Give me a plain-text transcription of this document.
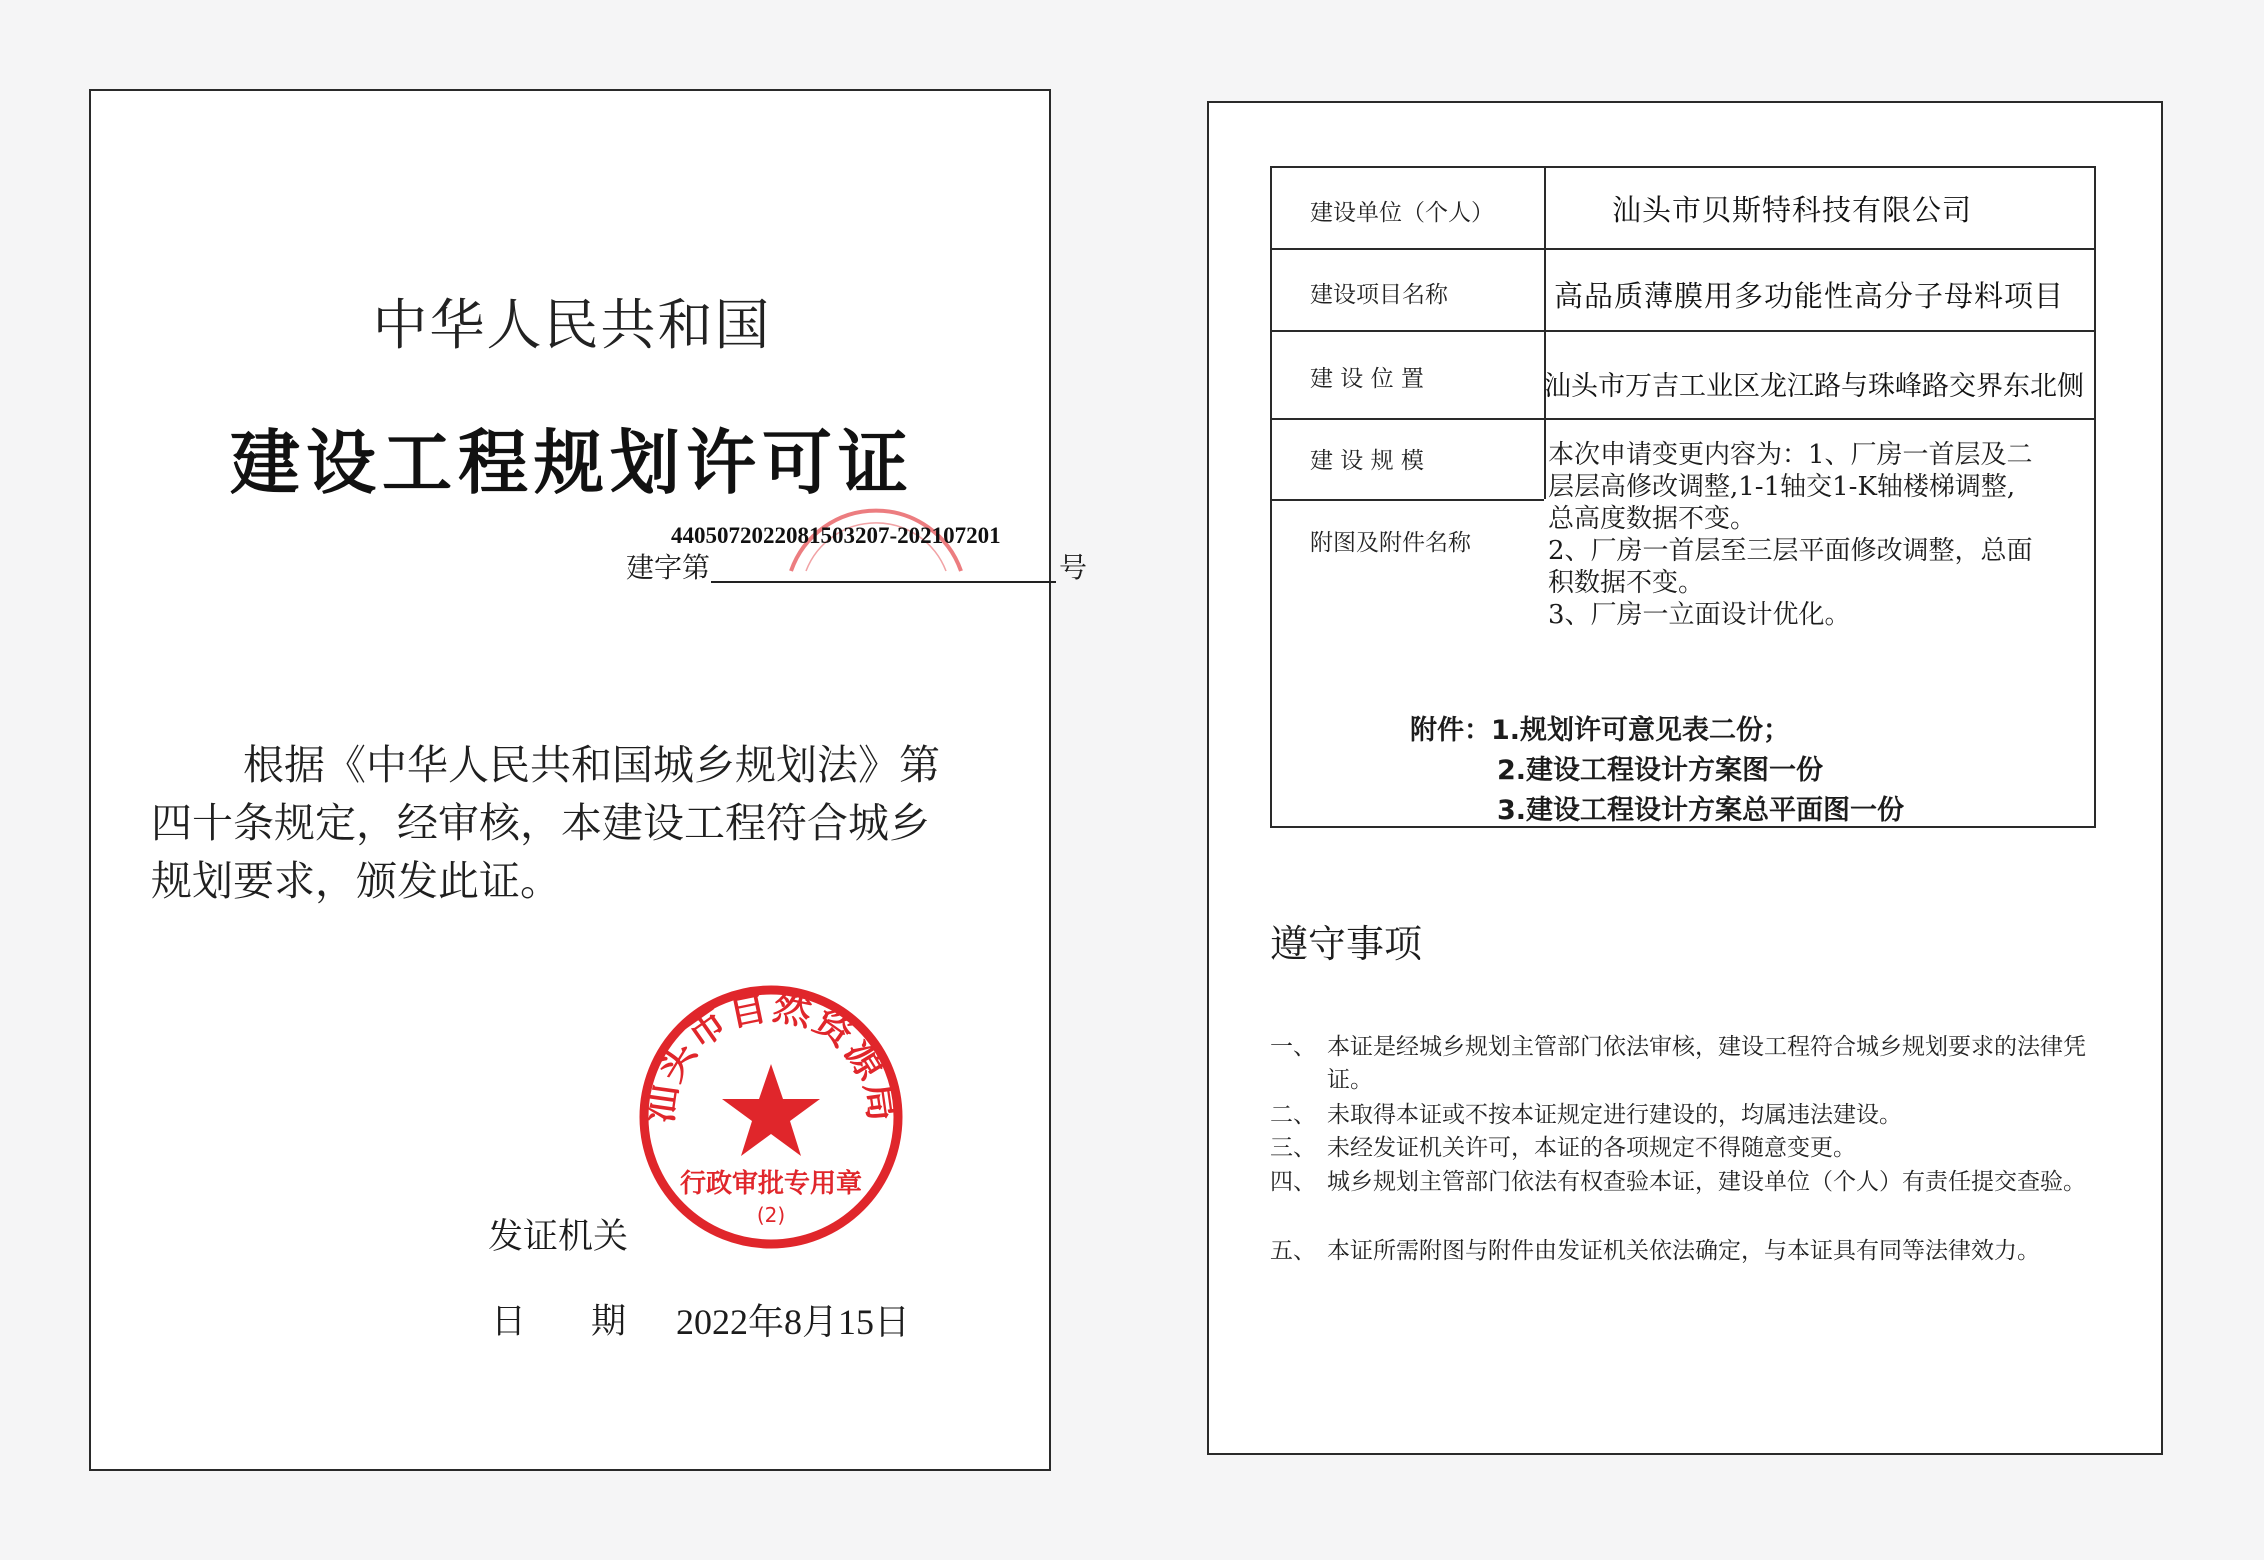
中华人民共和国
建设工程规划许可证
440507202208150320​7-202107201
建字第	号
根据《中华人民共和国城乡规划法》第
四十条规定，经审核，本建设工程符合城乡
规划要求，颁发此证。
发证机关
日 期 2022年8月15日
汕头市自然资源局
行政审批专用章
(2)
建设单位（个人）	汕头市贝斯特科技有限公司
建设项目名称	高品质薄膜用多功能性高分子母料项目
建 设 位 置	汕头市万吉工业区龙江路与珠峰路交界东北侧
建 设 规 模	本次申请变更内容为：1、厂房一首层及二
层层高修改调整,1-1轴交1-K轴楼梯调整,
总高度数据不变。
2、厂房一首层至三层平面修改调整，总面
积数据不变。
3、厂房一立面设计优化。
附图及附件名称
附件：1.规划许可意见表二份；
2.建设工程设计方案图一份
3.建设工程设计方案总平面图一份
遵守事项
一、 本证是经城乡规划主管部门依法审核，建设工程符合城乡规划要求的法律凭证。
二、 未取得本证或不按本证规定进行建设的，均属违法建设。
三、 未经发证机关许可，本证的各项规定不得随意变更。
四、 城乡规划主管部门依法有权查验本证，建设单位（个人）有责任提交查验。
五、 本证所需附图与附件由发证机关依法确定，与本证具有同等法律效力。
